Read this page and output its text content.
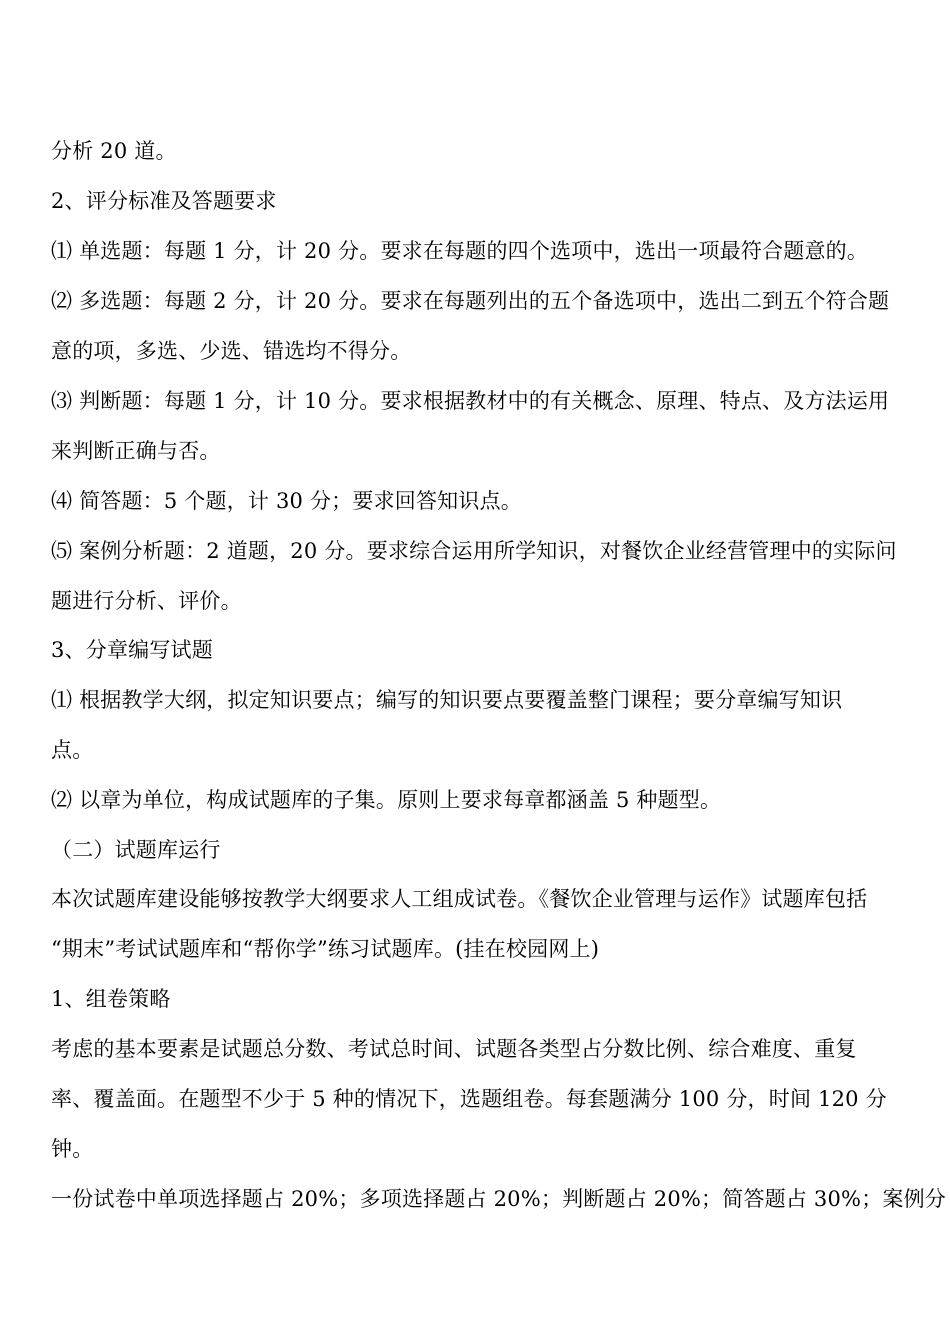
分析 20 道。
2、评分标准及答题要求
⑴ 单选题：每题 1 分，计 20 分。要求在每题的四个选项中，选出一项最符合题意的。
⑵ 多选题：每题 2 分，计 20 分。要求在每题列出的五个备选项中，选出二到五个符合题
意的项，多选、少选、错选均不得分。
⑶ 判断题：每题 1 分，计 10 分。要求根据教材中的有关概念、原理、特点、及方法运用
来判断正确与否。
⑷ 简答题：5 个题，计 30 分；要求回答知识点。
⑸ 案例分析题：2 道题，20 分。要求综合运用所学知识，对餐饮企业经营管理中的实际问
题进行分析、评价。
3、分章编写试题
⑴ 根据教学大纲，拟定知识要点；编写的知识要点要覆盖整门课程；要分章编写知识
点。
⑵ 以章为单位，构成试题库的子集。原则上要求每章都涵盖 5 种题型。
（二）试题库运行
本次试题库建设能够按教学大纲要求人工组成试卷。《餐饮企业管理与运作》试题库包括
“期末”考试试题库和“帮你学”练习试题库。(挂在校园网上)
1、组卷策略
考虑的基本要素是试题总分数、考试总时间、试题各类型占分数比例、综合难度、重复
率、覆盖面。在题型不少于 5 种的情况下，选题组卷。每套题满分 100 分，时间 120 分
钟。
一份试卷中单项选择题占 20%；多项选择题占 20%；判断题占 20%；简答题占 30%；案例分
